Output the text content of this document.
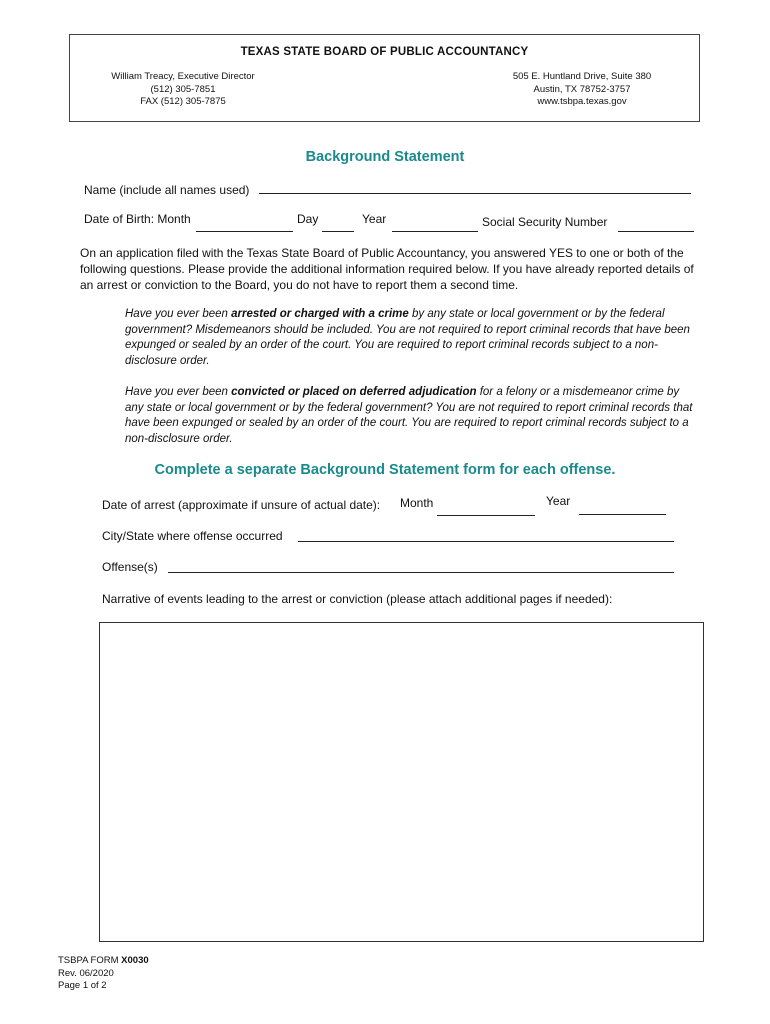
TEXAS STATE BOARD OF PUBLIC ACCOUNTANCY
William Treacy, Executive Director
(512) 305-7851
FAX (512) 305-7875
505 E. Huntland Drive, Suite 380
Austin, TX 78752-3757
www.tsbpa.texas.gov
Background Statement
Name (include all names used)
Date of Birth: Month	Day	Year	Social Security Number
On an application filed with the Texas State Board of Public Accountancy, you answered YES to one or both of the following questions. Please provide the additional information required below. If you have already reported details of an arrest or conviction to the Board, you do not have to report them a second time.
Have you ever been arrested or charged with a crime by any state or local government or by the federal government? Misdemeanors should be included. You are not required to report criminal records that have been expunged or sealed by an order of the court. You are required to report criminal records subject to a non-disclosure order.
Have you ever been convicted or placed on deferred adjudication for a felony or a misdemeanor crime by any state or local government or by the federal government? You are not required to report criminal records that have been expunged or sealed by an order of the court. You are required to report criminal records subject to a non-disclosure order.
Complete a separate Background Statement form for each offense.
Date of arrest (approximate if unsure of actual date): Month	Year
City/State where offense occurred
Offense(s)
Narrative of events leading to the arrest or conviction (please attach additional pages if needed):
TSBPA FORM X0030
Rev. 06/2020
Page 1 of 2
